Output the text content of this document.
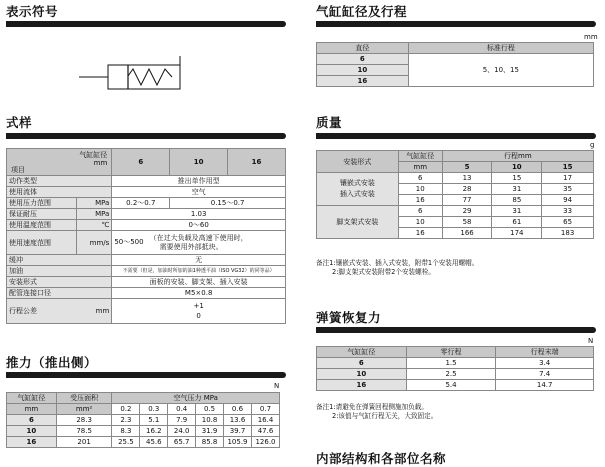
表示符号
式样
气缸缸径
mm
项目		6	10	16
动作类型		推出单作用型		
使用流体		空气		
使用压力范围	MPa	0.2～0.7	0.15～0.7	
保证耐压	MPa	1.03		
使用温度范围	℃	0～60		
使用速度范围	mm/s	50～500
（在过大负载及高速下使用时，
需要使用外部抵块。		

缓冲		无		
加油		不需要（但是，加油时所加的油1种透平油（ISO VG32）的同等品）		
安装形式		面板的安装、脚支架、插入安装		
配管连接口径		M5×0.8		
行程公差	mm	+1
0		
推力（推出侧）
N
气缸缸径	受压面积	空气压力 MPa					
mm	mm²	0.2	0.3	0.4	0.5	0.6	0.7
6	28.3	2.3	5.1	7.9	10.8	13.6	16.4
10	78.5	8.3	16.2	24.0	31.9	39.7	47.6
16	201	25.5	45.6	65.7	85.8	105.9	126.0
气缸缸径及行程
mm
直径	标准行程
6	5、10、15
10	
16	
质量
g
安装形式	气缸缸径	行程mm		
	mm	5	10	15

镶嵌式安装
插入式安装	6	13	15	17
	10	28	31	35
	16	77	85	94
脚支架式安装	6	29	31	33
	10	58	61	65
	16	166	174	183
备注1:镶嵌式安装、插入式安装，附带1个安装用螺帽。
2:脚支架式安装附带2个安装螺栓。
弹簧恢复力
N
气缸缸径	零行程	行程末端
6	1.5	3.4
10	2.5	7.4
16	5.4	14.7
备注1:请避免在弹簧回程侧施加负载。
2:该值与气缸行程无关，大致固定。
内部结构和各部位名称
